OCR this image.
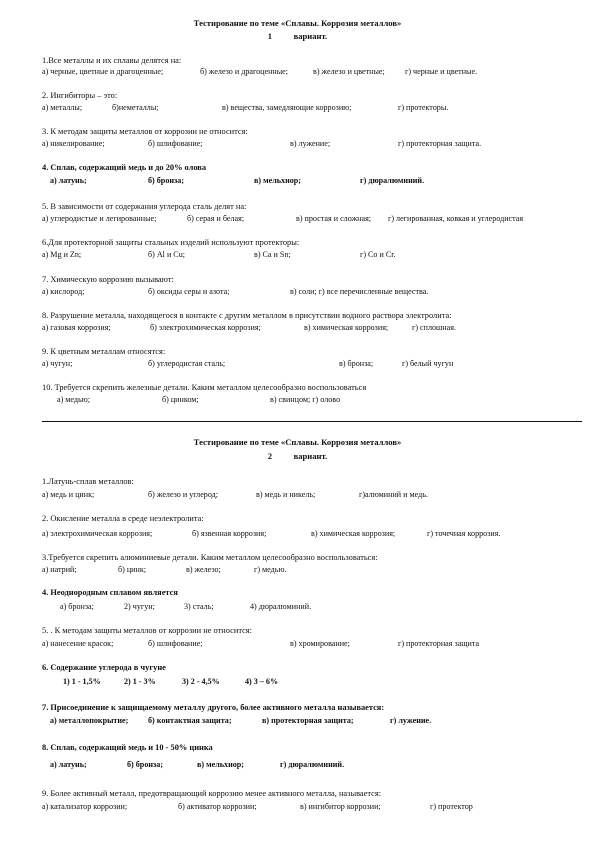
Тестирование по теме «Сплавы. Коррозия металлов»
1 вариант.
1.Все металлы и их сплавы делятся на:
а) черные, цветные и драгоценные;	б) железо и драгоценные;	в) железо и цветные; г) черные и цветные.
2. Ингибиторы – это:
а) металлы;	б)неметаллы;	в) вещества, замедляющие коррозию;	г) протекторы.
3. К методам защиты металлов от коррозии не относится:
а) никелирование;	б) шлифование;	в) лужение;	г) протекторная защита.
4. Сплав, содержащий медь и до 20% олова
а) латунь;	б) бронза;	в) мельхиор;	г) дюралюминий.
5. В зависимости от содержания углерода сталь делят на:
а) углеродистые и легированные;	б) серая и белая;	в) простая и сложная; г) легированная, ковкая и углеродистая
6.Для протекторной защиты стальных изделий используют протекторы:
а) Mg и Zn;	б) Al и Cu;	в) Ca и Sn;	г) Co и Cr.
7. Химическую коррозию вызывают:
а) кислород;	б) оксиды серы и азота;	в) соли; г) все перечисленные вещества.
8. Разрушение металла, находящегося в контакте с другим металлом в присутствии водного раствора электролита:
а) газовая коррозия;	б) электрохимическая коррозия;	в) химическая коррозия;	г) сплошная.
9. К цветным металлам относятся:
а) чугун;	б) углеродистая сталь;	в) бронза;	г) белый чугун
10. Требуется скрепить железные детали. Каким металлом целесообразно воспользоваться
а) медью;	б) цинком;	в) свинцом; г) олово
Тестирование по теме «Сплавы. Коррозия металлов»
2 вариант.
1.Латунь-сплав металлов:
а) медь и цинк;	б) железо и углерод;	в) медь и никель;	г)алюминий и медь.
2. Окисление металла в среде неэлектролита:
а) электрохимическая коррозия;	б) язвенная коррозия;	в) химическая коррозия;	г) точечная коррозия.
3.Требуется скрепить алюминиевые детали. Каким металлом целесообразно воспользоваться:
а) натрий;	б) цинк;	в) железо;	г) медью.
4. Неоднородным сплавом является
а) бронза;	2) чугун;	3) сталь;	4) дюралюминий.
5. . К методам защиты металлов от коррозии не относится:
а) нанесение красок;	б) шлифование;	в) хромирование;	г) протекторная защита
6. Содержание углерода в чугуне
1) 1 - 1,5%	2) 1 - 3%	3) 2 - 4,5%	4) 3 – 6%
7. Присоединение к защищаемому металлу другого, более активного металла называется:
а) металлопокрытие; б) контактная защита;	в) протекторная защита;	г) лужение.
8. Сплав, содержащий медь и 10 - 50% цинка
а) латунь;	б) бронза;	в) мельхиор;	г) дюралюминий.
9. Более активный металл, предотвращающий коррозию менее активного металла, называется:
а) катализатор коррозии;	б) активатор коррозии;	в) ингибитор коррозии;	г) протектор
